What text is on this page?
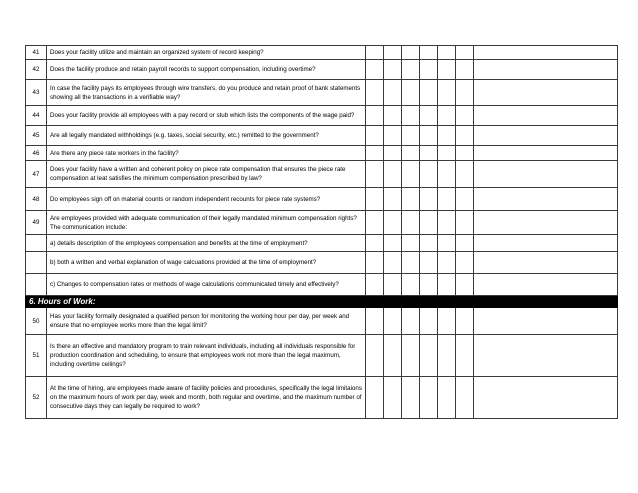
41	Does your facility utilize and maintain an organized system of record keeping?							
42	Does the facility produce and retain payroll records to support compensation, including overtime?							
43	In case the facility pays its employees through wire transfers, do you produce and retain proof of bank statements showing all the transactions in a verifiable way?							
44	Does your facility provide all employees with a pay record or stub which lists the components of the wage paid?							
45	Are all legally mandated withholdings (e.g. taxes, social security, etc.) remitted to the government?							
46	Are there any piece rate workers in the facility?							
47	Does your facility have a written and coherent policy on piece rate compensation that ensures the piece rate compensation at leat satisfies the minimum compensation prescribed by law?							
48	Do employees sign off on material counts or random independent recounts for piece rate systems?							
49	Are employees provided with adequate communication of their legally mandated minimum compensation rights? The communication include:							
	a) details description of the employees compensation and benefits at the time of employment?							
	b) both a written and verbal explanation of wage calcuations provided at the time of employment?							
	c) Changes to compensation rates or methods of wage calculations communicated timely and effectively?							
6. Hours of Work:								
50	Has your facility formally designated a qualified person for monitoring the working hour per day, per week and ensure that no employee works more than the legal limit?							
51	Is there an effective and mandatory program to train relevant individuals, including all individuals responsible for production coordination and scheduling, to ensure that employees work not more than the legal maximum, including overtime ceilings?							
52	At the time of hiring, are employees made aware of facility policies and procedures, specifically the legal limitaions on the maximum hours of work per day, week and month, both regular and overtime, and the maximum number of consecutive days they can legally be required to work?							
